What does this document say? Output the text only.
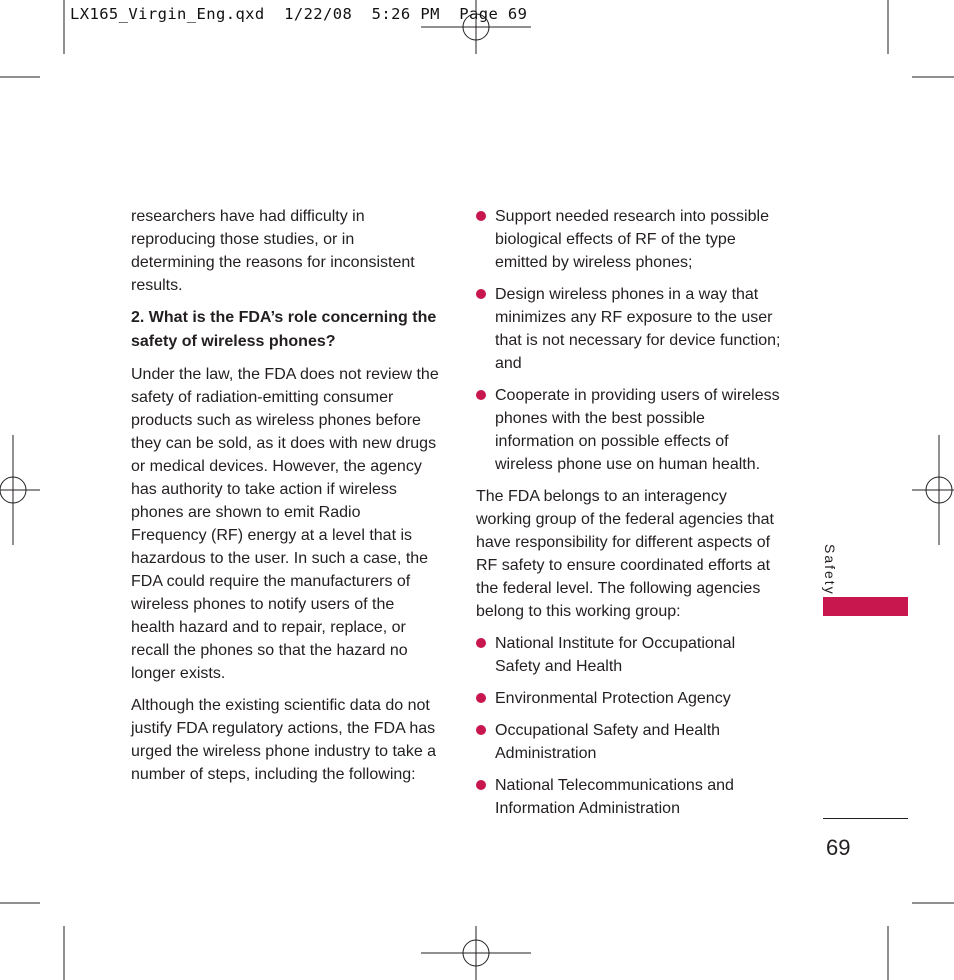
LX165_Virgin_Eng.qxd  1/22/08  5:26 PM  Page 69

researchers have had difficulty in reproducing those studies, or in determining the reasons for inconsistent results.

2. What is the FDA’s role concerning the safety of wireless phones?

Under the law, the FDA does not review the safety of radiation-emitting consumer products such as wireless phones before they can be sold, as it does with new drugs or medical devices. However, the agency has authority to take action if wireless phones are shown to emit Radio Frequency (RF) energy at a level that is hazardous to the user. In such a case, the FDA could require the manufacturers of wireless phones to notify users of the health hazard and to repair, replace, or recall the phones so that the hazard no longer exists.

Although the existing scientific data do not justify FDA regulatory actions, the FDA has urged the wireless phone industry to take a number of steps, including the following:

Support needed research into possible biological effects of RF of the type emitted by wireless phones;
Design wireless phones in a way that minimizes any RF exposure to the user that is not necessary for device function; and
Cooperate in providing users of wireless phones with the best possible information on possible effects of wireless phone use on human health.

The FDA belongs to an interagency working group of the federal agencies that have responsibility for different aspects of RF safety to ensure coordinated efforts at the federal level. The following agencies belong to this working group:

National Institute for Occupational Safety and Health
Environmental Protection Agency
Occupational Safety and Health Administration
National Telecommunications and Information Administration
Safety
69
